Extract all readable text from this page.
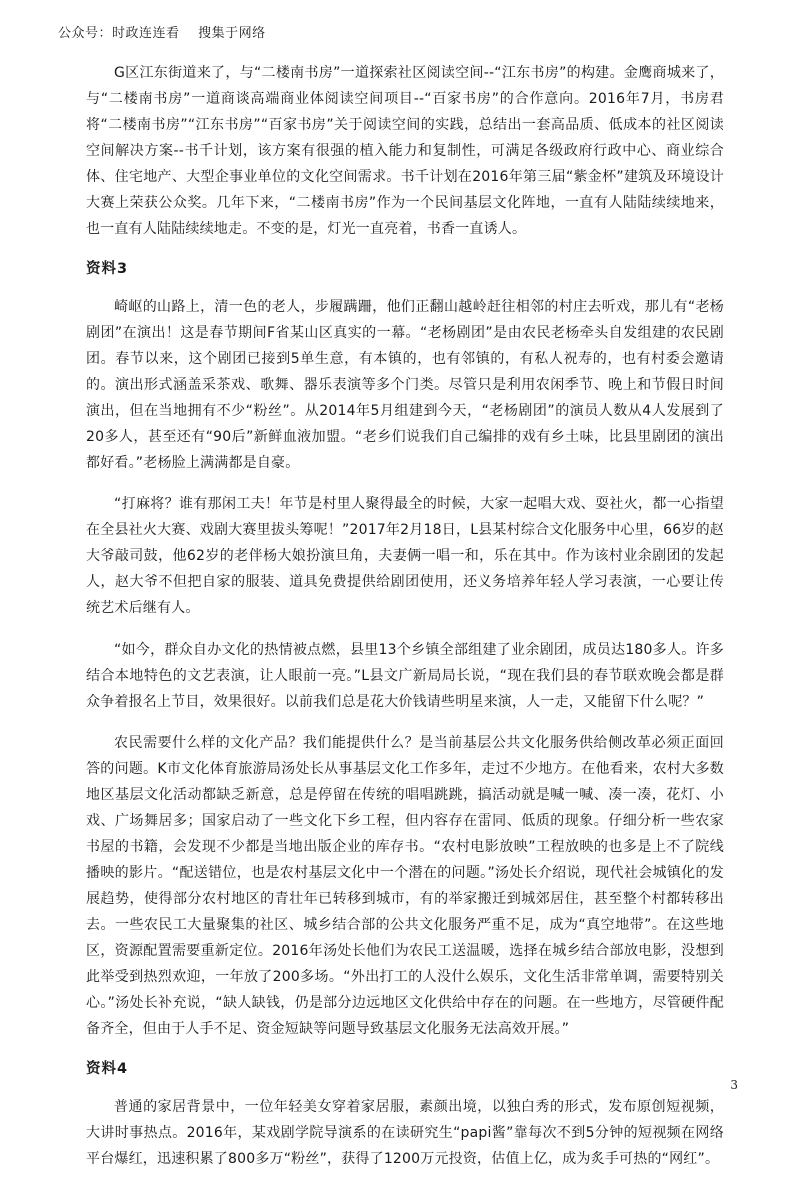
公众号：时政连连看 搜集于网络

G区江东街道来了，与“二楼南书房”一道探索社区阅读空间--“江东书房”的构建。金鹰商城来了，与“二楼南书房”一道商谈高端商业体阅读空间项目--“百家书房”的合作意向。2016年7月，书房君将“二楼南书房”“江东书房”“百家书房”关于阅读空间的实践，总结出一套高品质、低成本的社区阅读空间解决方案--书千计划，该方案有很强的植入能力和复制性，可满足各级政府行政中心、商业综合体、住宅地产、大型企事业单位的文化空间需求。书千计划在2016年第三届“紫金杯”建筑及环境设计大赛上荣获公众奖。几年下来，“二楼南书房”作为一个民间基层文化阵地，一直有人陆陆续续地来，也一直有人陆陆续续地走。不变的是，灯光一直亮着，书香一直诱人。

资料3

崎岖的山路上，清一色的老人，步履蹒跚，他们正翻山越岭赶往相邻的村庄去听戏，那儿有“老杨剧团”在演出！这是春节期间F省某山区真实的一幕。“老杨剧团”是由农民老杨牵头自发组建的农民剧团。春节以来，这个剧团已接到5单生意，有本镇的，也有邻镇的，有私人祝寿的，也有村委会邀请的。演出形式涵盖采茶戏、歌舞、器乐表演等多个门类。尽管只是利用农闲季节、晚上和节假日时间演出，但在当地拥有不少“粉丝”。从2014年5月组建到今天，“老杨剧团”的演员人数从4人发展到了20多人，甚至还有“90后”新鲜血液加盟。“老乡们说我们自己编排的戏有乡土味，比县里剧团的演出都好看。”老杨脸上满满都是自豪。

“打麻将？谁有那闲工夫！年节是村里人聚得最全的时候，大家一起唱大戏、耍社火，都一心指望在全县社火大赛、戏剧大赛里拔头筹呢！”2017年2月18日，L县某村综合文化服务中心里，66岁的赵大爷敲司鼓，他62岁的老伴杨大娘扮演旦角，夫妻俩一唱一和，乐在其中。作为该村业余剧团的发起人，赵大爷不但把自家的服装、道具免费提供给剧团使用，还义务培养年轻人学习表演，一心要让传统艺术后继有人。

“如今，群众自办文化的热情被点燃，县里13个乡镇全部组建了业余剧团，成员达180多人。许多结合本地特色的文艺表演，让人眼前一亮。”L县文广新局局长说，“现在我们县的春节联欢晚会都是群众争着报名上节目，效果很好。以前我们总是花大价钱请些明星来演，人一走，又能留下什么呢？”

农民需要什么样的文化产品？我们能提供什么？是当前基层公共文化服务供给侧改革必须正面回答的问题。K市文化体育旅游局汤处长从事基层文化工作多年，走过不少地方。在他看来，农村大多数地区基层文化活动都缺乏新意，总是停留在传统的唱唱跳跳，搞活动就是喊一喊、凑一凑，花灯、小戏、广场舞居多；国家启动了一些文化下乡工程，但内容存在雷同、低质的现象。仔细分析一些农家书屋的书籍，会发现不少都是当地出版企业的库存书。“农村电影放映”工程放映的也多是上不了院线播映的影片。“配送错位，也是农村基层文化中一个潜在的问题。”汤处长介绍说，现代社会城镇化的发展趋势，使得部分农村地区的青壮年已转移到城市，有的举家搬迁到城郊居住，甚至整个村都转移出去。一些农民工大量聚集的社区、城乡结合部的公共文化服务严重不足，成为“真空地带”。在这些地区，资源配置需要重新定位。2016年汤处长他们为农民工送温暖，选择在城乡结合部放电影，没想到此举受到热烈欢迎，一年放了200多场。“外出打工的人没什么娱乐，文化生活非常单调，需要特别关心。”汤处长补充说，“缺人缺钱，仍是部分边远地区文化供给中存在的问题。在一些地方，尽管硬件配备齐全，但由于人手不足、资金短缺等问题导致基层文化服务无法高效开展。”

资料4

普通的家居背景中，一位年轻美女穿着家居服，素颜出境，以独白秀的形式，发布原创短视频，大讲时事热点。2016年，某戏剧学院导演系的在读研究生“papi酱”靠每次不到5分钟的短视频在网络平台爆红，迅速积累了800多万“粉丝”，获得了1200万元投资，估值上亿，成为炙手可热的“网红”。

3
